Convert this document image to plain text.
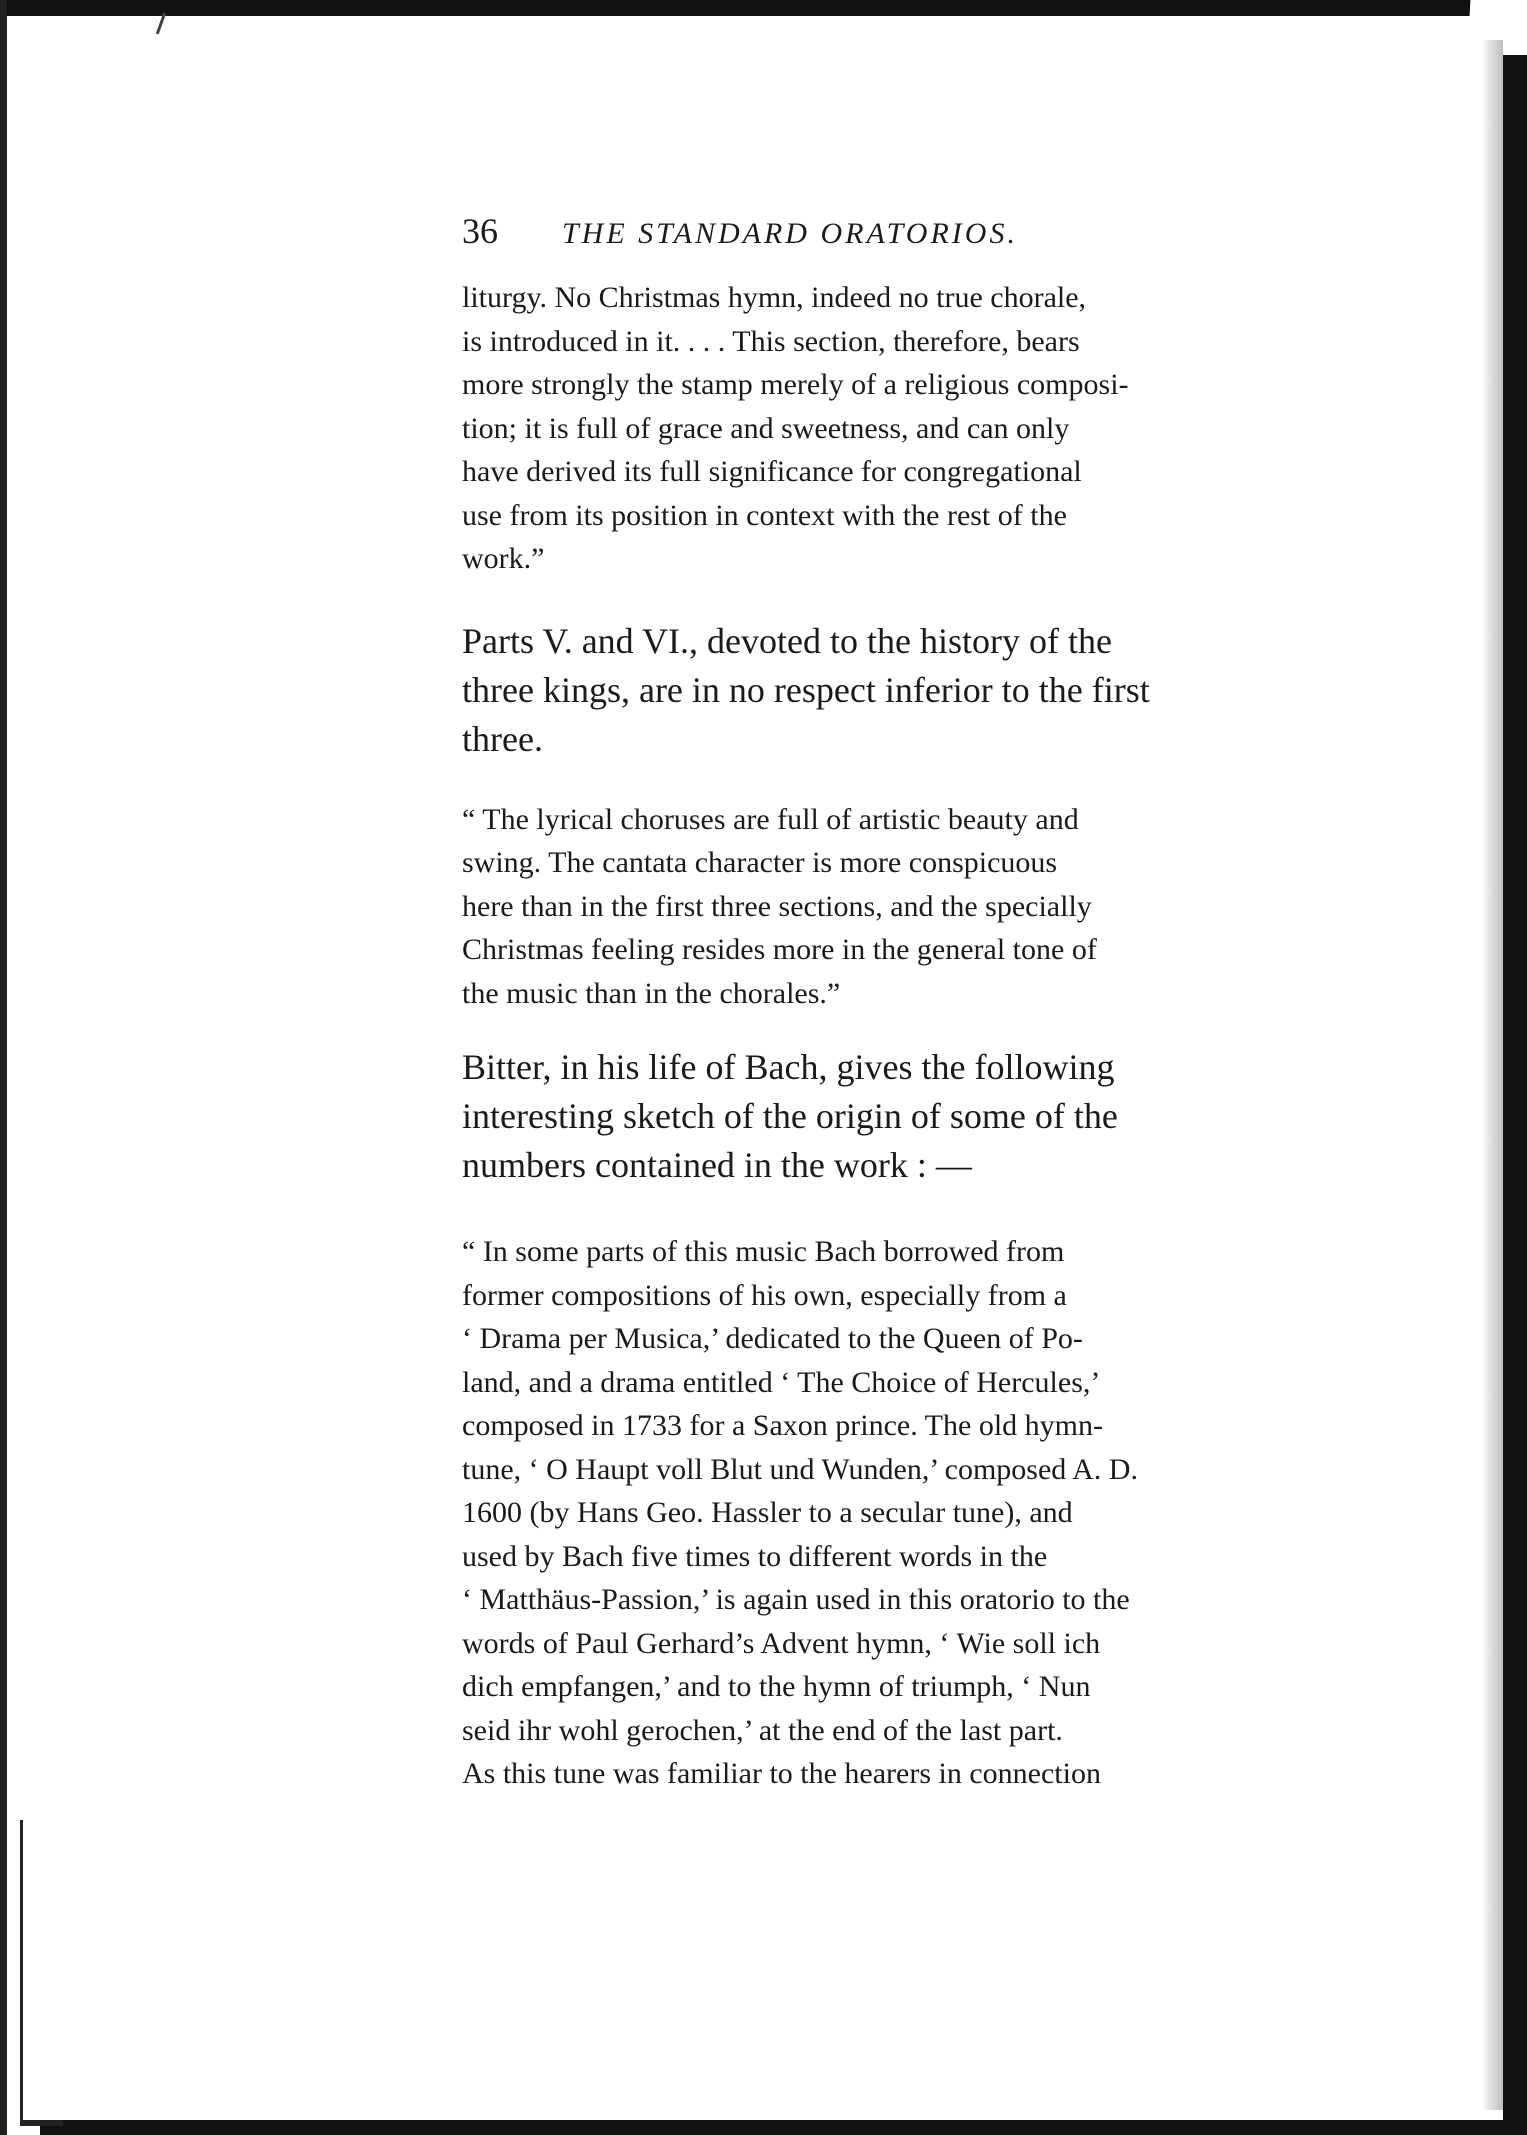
36	THE STANDARD ORATORIOS.

liturgy. No Christmas hymn, indeed no true chorale,
is introduced in it. . . . This section, therefore, bears
more strongly the stamp merely of a religious composi-
tion; it is full of grace and sweetness, and can only
have derived its full significance for congregational
use from its position in context with the rest of the
work.”

Parts V. and VI., devoted to the history of the
three kings, are in no respect inferior to the first
three.

“ The lyrical choruses are full of artistic beauty and
swing. The cantata character is more conspicuous
here than in the first three sections, and the specially
Christmas feeling resides more in the general tone of
the music than in the chorales.”

Bitter, in his life of Bach, gives the following
interesting sketch of the origin of some of the
numbers contained in the work : —

“ In some parts of this music Bach borrowed from
former compositions of his own, especially from a
‘ Drama per Musica,’ dedicated to the Queen of Po-
land, and a drama entitled ‘ The Choice of Hercules,’
composed in 1733 for a Saxon prince. The old hymn-
tune, ‘ O Haupt voll Blut und Wunden,’ composed A. D.
1600 (by Hans Geo. Hassler to a secular tune), and
used by Bach five times to different words in the
‘ Matthäus-Passion,’ is again used in this oratorio to the
words of Paul Gerhard’s Advent hymn, ‘ Wie soll ich
dich empfangen,’ and to the hymn of triumph, ‘ Nun
seid ihr wohl gerochen,’ at the end of the last part.
As this tune was familiar to the hearers in connection
